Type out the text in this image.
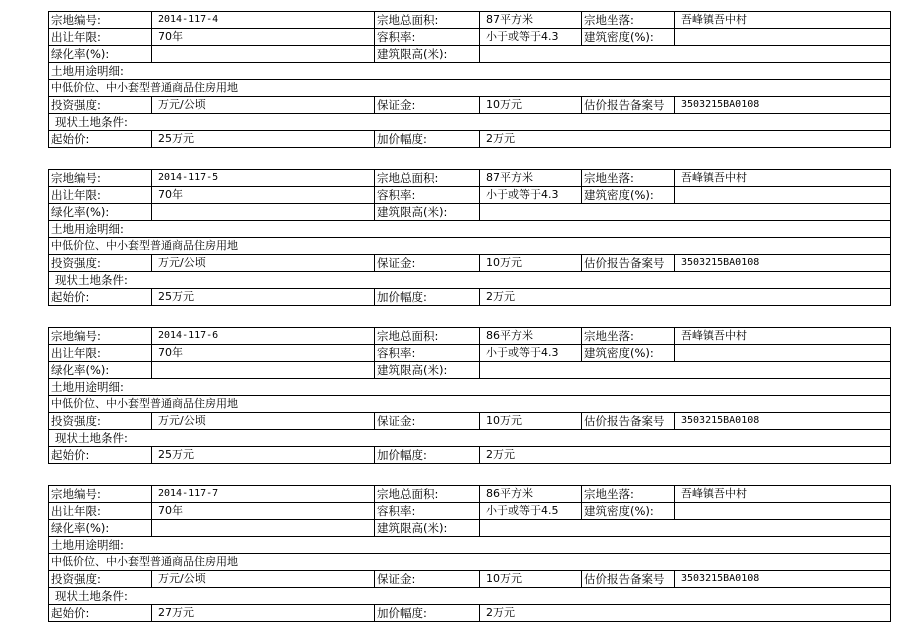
宗地编号:	2014-117-4	宗地总面积:	87平方米	宗地坐落:	吾峰镇吾中村
出让年限:	70年	容积率:	小于或等于4.3	建筑密度(%):	
绿化率(%):		建筑限高(米):			
土地用途明细:					
中低价位、中小套型普通商品住房用地					
投资强度:	万元/公顷	保证金:	10万元	估价报告备案号	3503215BA0108
现状土地条件:					
起始价:	25万元	加价幅度:	2万元		
宗地编号:	2014-117-5	宗地总面积:	87平方米	宗地坐落:	吾峰镇吾中村
出让年限:	70年	容积率:	小于或等于4.3	建筑密度(%):	
绿化率(%):		建筑限高(米):			
土地用途明细:					
中低价位、中小套型普通商品住房用地					
投资强度:	万元/公顷	保证金:	10万元	估价报告备案号	3503215BA0108
现状土地条件:					
起始价:	25万元	加价幅度:	2万元		
宗地编号:	2014-117-6	宗地总面积:	86平方米	宗地坐落:	吾峰镇吾中村
出让年限:	70年	容积率:	小于或等于4.3	建筑密度(%):	
绿化率(%):		建筑限高(米):			
土地用途明细:					
中低价位、中小套型普通商品住房用地					
投资强度:	万元/公顷	保证金:	10万元	估价报告备案号	3503215BA0108
现状土地条件:					
起始价:	25万元	加价幅度:	2万元		
宗地编号:	2014-117-7	宗地总面积:	86平方米	宗地坐落:	吾峰镇吾中村
出让年限:	70年	容积率:	小于或等于4.5	建筑密度(%):	
绿化率(%):		建筑限高(米):			
土地用途明细:					
中低价位、中小套型普通商品住房用地					
投资强度:	万元/公顷	保证金:	10万元	估价报告备案号	3503215BA0108
现状土地条件:					
起始价:	27万元	加价幅度:	2万元		
